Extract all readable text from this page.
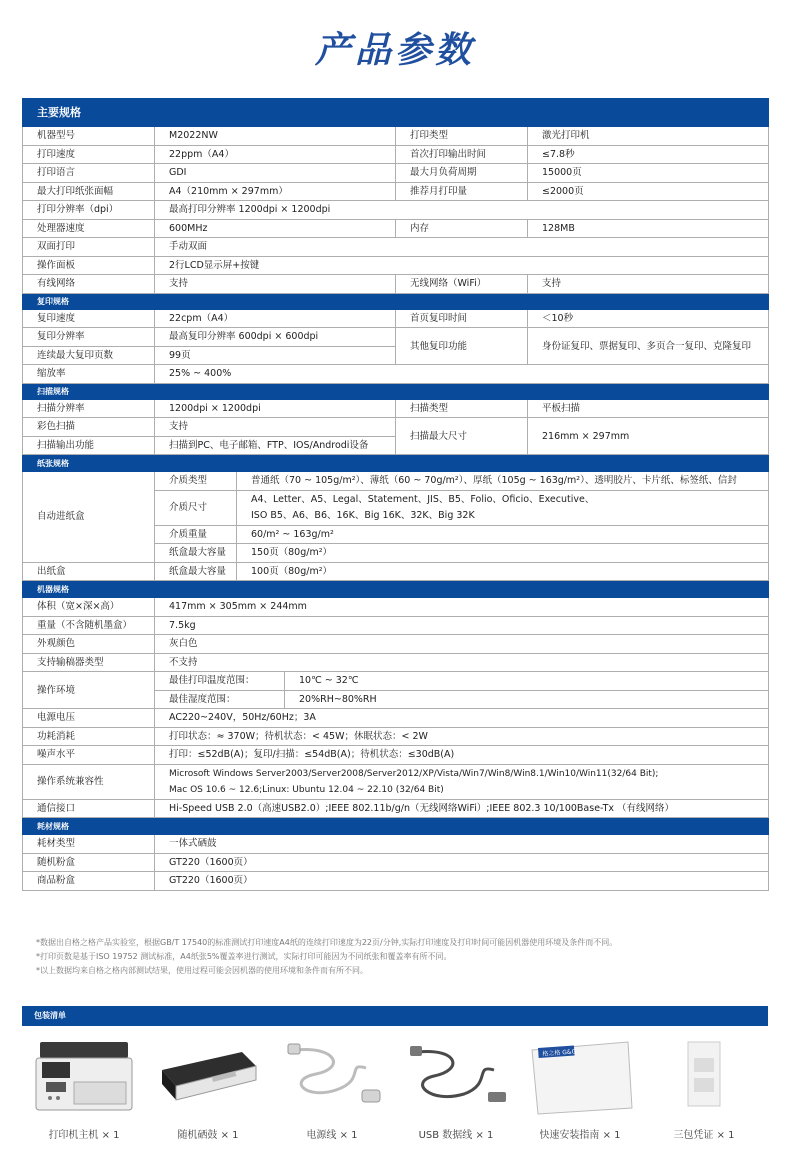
产品参数
主要规格			
机器型号	M2022NW	打印类型	激光打印机
打印速度	22ppm（A4）	首次打印输出时间	≤7.8秒
打印语言	GDI	最大月负荷周期	15000页
最大打印纸张面幅	A4（210mm × 297mm）	推荐月打印量	≤2000页
打印分辨率（dpi）	最高打印分辨率 1200dpi × 1200dpi		
处理器速度	600MHz	内存	128MB
双面打印	手动双面		
操作面板	2行LCD显示屏+按键		
有线网络	支持	无线网络（WiFi）	支持
复印规格			
复印速度	22cpm（A4）	首页复印时间	＜10秒
复印分辨率	最高复印分辨率 600dpi × 600dpi	其他复印功能	身份证复印、票据复印、多页合一复印、克隆复印
连续最大复印页数	99页		
缩放率	25% ~ 400%		
扫描规格			
扫描分辨率	1200dpi × 1200dpi	扫描类型	平板扫描
彩色扫描	支持	扫描最大尺寸	216mm × 297mm
扫描输出功能	扫描到PC、电子邮箱、FTP、IOS/Androdi设备		
纸张规格		
自动进纸盒	介质类型	普通纸（70 ~ 105g/m²）、薄纸（60 ~ 70g/m²）、厚纸（105g ~ 163g/m²）、透明胶片、卡片纸、标签纸、信封
	介质尺寸	A4、Letter、A5、Legal、Statement、JIS、B5、Folio、Oficio、Executive、
ISO B5、A6、B6、16K、Big 16K、32K、Big 32K

	介质重量	60/m² ~ 163g/m²
	纸盒最大容量	150页（80g/m²）
出纸盒	纸盒最大容量	100页（80g/m²）
机器规格		
体积（宽×深×高）	417mm × 305mm × 244mm	
重量（不含随机墨盒）	7.5kg	
外观颜色	灰白色	
支持输稿器类型	不支持	
操作环境	最佳打印温度范围：	10℃ ~ 32℃
	最佳湿度范围：	20%RH~80%RH
电源电压	AC220~240V，50Hz/60Hz；3A	
功耗消耗	打印状态：≈ 370W；待机状态：< 45W；休眠状态：< 2W	
噪声水平	打印：≤52dB(A)；复印/扫描：≤54dB(A)；待机状态：≤30dB(A)	
操作系统兼容性	Microsoft Windows Server2003/Server2008/Server2012/XP/Vista/Win7/Win8/Win8.1/Win10/Win11(32/64 Bit);
Mac OS 10.6 ~ 12.6;Linux: Ubuntu 12.04 ~ 22.10 (32/64 Bit)	

通信接口	Hi-Speed USB 2.0（高速USB2.0）;IEEE 802.11b/g/n（无线网络WiFi）;IEEE 802.3 10/100Base-Tx （有线网络）	
耗材规格	
耗材类型	一体式硒鼓
随机粉盒	GT220（1600页）
商品粉盒	GT220（1600页）
*数据出自格之格产品实验室，根据GB/T 17540的标准测试打印速度A4纸的连续打印速度为22页/分钟,实际打印速度及打印时间可能因机器使用环境及条件而不同。
*打印页数是基于ISO 19752 测试标准，A4纸张5%覆盖率进行测试，实际打印可能因为不同纸张和覆盖率有所不同。
*以上数据均来自格之格内部测试结果，使用过程可能会因机器的使用环境和条件而有所不同。
包装清单
打印机主机 × 1	随机硒鼓 × 1	电源线 × 1	USB 数据线 × 1
格之格 G&G
快速安装指南 × 1	三包凭证 × 1
